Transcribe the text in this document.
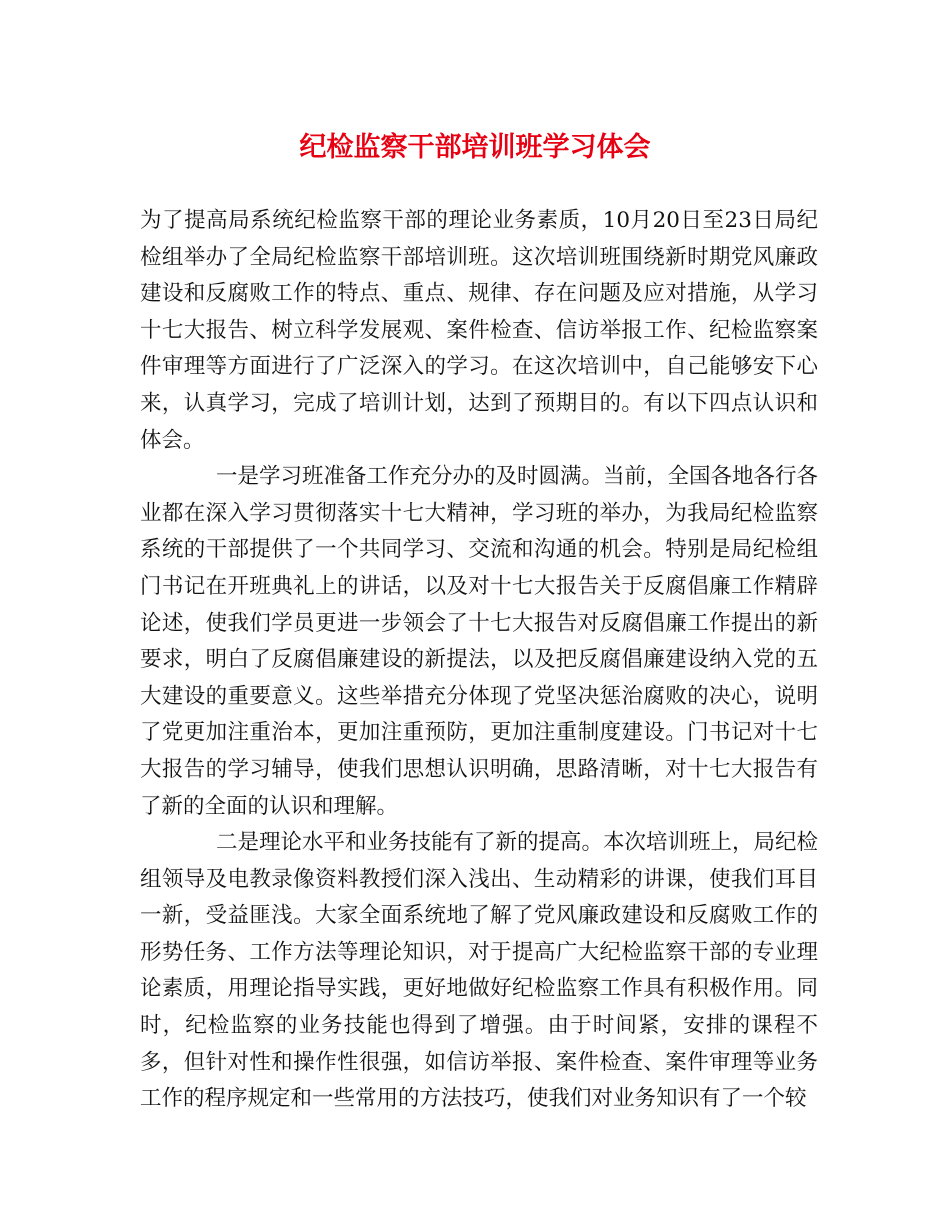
纪检监察干部培训班学习体会

为了提高局系统纪检监察干部的理论业务素质，10月20日至23日局纪检组举办了全局纪检监察干部培训班。这次培训班围绕新时期党风廉政建设和反腐败工作的特点、重点、规律、存在问题及应对措施，从学习十七大报告、树立科学发展观、案件检查、信访举报工作、纪检监察案件审理等方面进行了广泛深入的学习。在这次培训中，自己能够安下心来，认真学习，完成了培训计划，达到了预期目的。有以下四点认识和体会。

一是学习班准备工作充分办的及时圆满。当前，全国各地各行各业都在深入学习贯彻落实十七大精神，学习班的举办，为我局纪检监察系统的干部提供了一个共同学习、交流和沟通的机会。特别是局纪检组门书记在开班典礼上的讲话，以及对十七大报告关于反腐倡廉工作精辟论述，使我们学员更进一步领会了十七大报告对反腐倡廉工作提出的新要求，明白了反腐倡廉建设的新提法，以及把反腐倡廉建设纳入党的五大建设的重要意义。这些举措充分体现了党坚决惩治腐败的决心，说明了党更加注重治本，更加注重预防，更加注重制度建设。门书记对十七大报告的学习辅导，使我们思想认识明确，思路清晰，对十七大报告有了新的全面的认识和理解。

二是理论水平和业务技能有了新的提高。本次培训班上，局纪检组领导及电教录像资料教授们深入浅出、生动精彩的讲课，使我们耳目一新，受益匪浅。大家全面系统地了解了党风廉政建设和反腐败工作的形势任务、工作方法等理论知识，对于提高广大纪检监察干部的专业理论素质，用理论指导实践，更好地做好纪检监察工作具有积极作用。同时，纪检监察的业务技能也得到了增强。由于时间紧，安排的课程不多，但针对性和操作性很强，如信访举报、案件检查、案件审理等业务工作的程序规定和一些常用的方法技巧，使我们对业务知识有了一个较
